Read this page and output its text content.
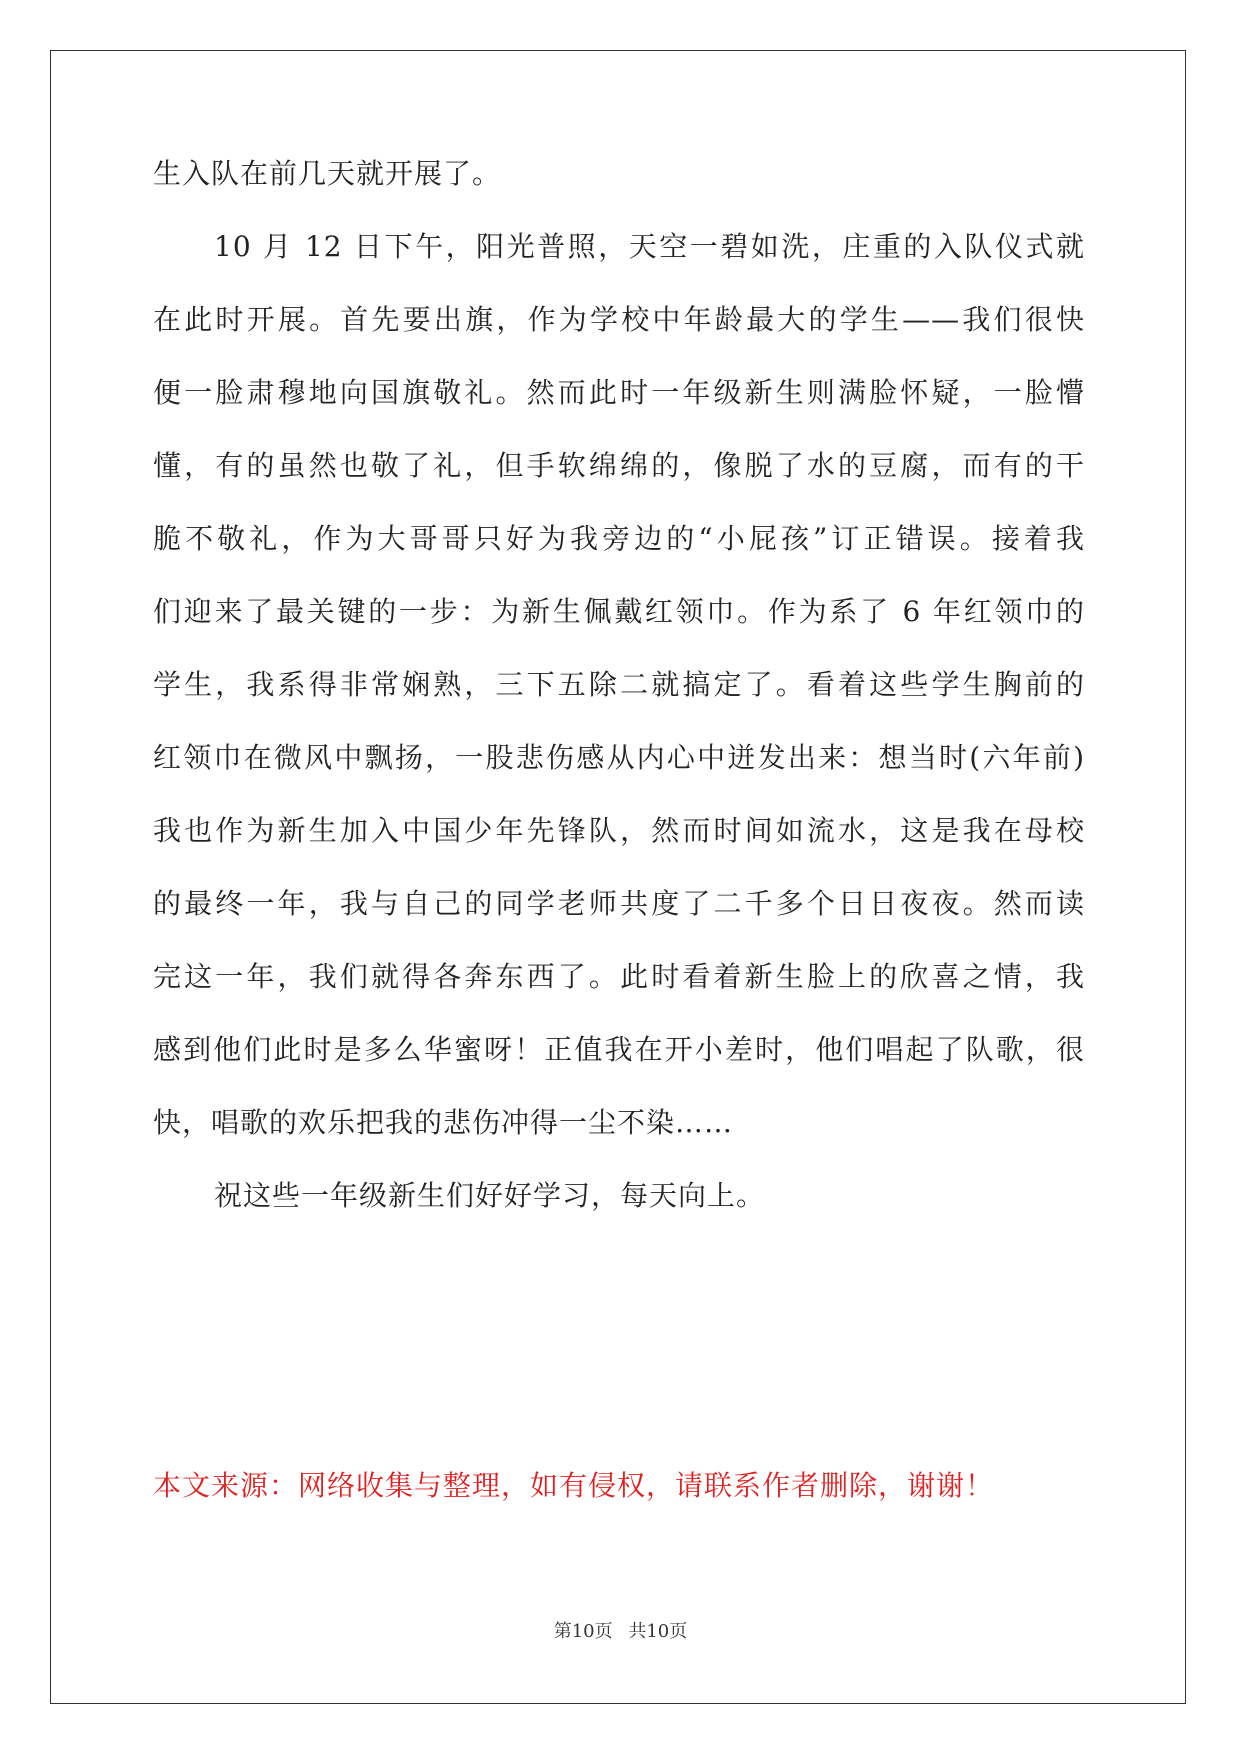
生入队在前几天就开展了。
10 月 12 日下午，阳光普照，天空一碧如洗，庄重的入队仪式就
在此时开展。首先要出旗，作为学校中年龄最大的学生——我们很快
便一脸肃穆地向国旗敬礼。然而此时一年级新生则满脸怀疑，一脸懵
懂，有的虽然也敬了礼，但手软绵绵的，像脱了水的豆腐，而有的干
脆不敬礼，作为大哥哥只好为我旁边的“小屁孩”订正错误。接着我
们迎来了最关键的一步：为新生佩戴红领巾。作为系了 6 年红领巾的
学生，我系得非常娴熟，三下五除二就搞定了。看着这些学生胸前的
红领巾在微风中飘扬，一股悲伤感从内心中迸发出来：想当时(六年前)
我也作为新生加入中国少年先锋队，然而时间如流水，这是我在母校
的最终一年，我与自己的同学老师共度了二千多个日日夜夜。然而读
完这一年，我们就得各奔东西了。此时看着新生脸上的欣喜之情，我
感到他们此时是多么华蜜呀！正值我在开小差时，他们唱起了队歌，很
快，唱歌的欢乐把我的悲伤冲得一尘不染……
祝这些一年级新生们好好学习，每天向上。
本文来源：网络收集与整理，如有侵权，请联系作者删除，谢谢！
第10页 共10页
